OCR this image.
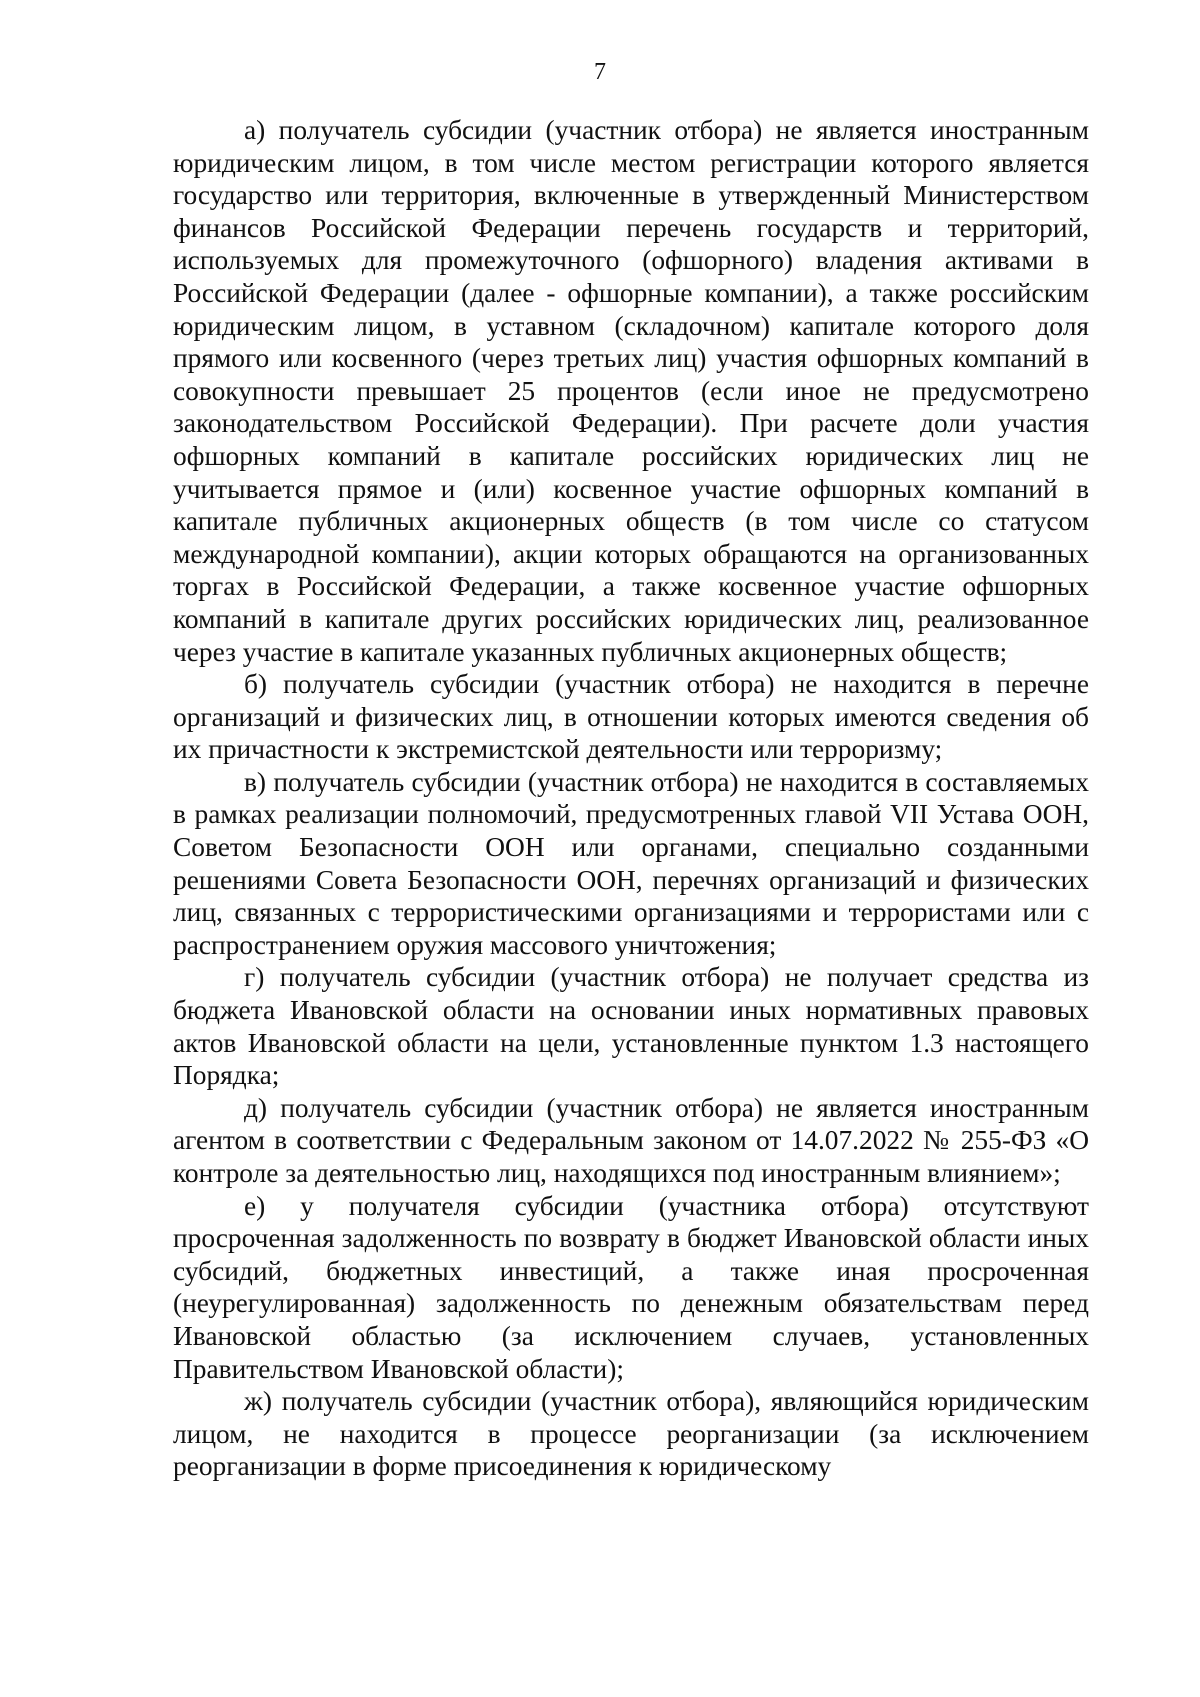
7

а) получатель субсидии (участник отбора) не является иностранным юридическим лицом, в том числе местом регистрации которого является государство или территория, включенные в утвержденный Министерством финансов Российской Федерации перечень государств и территорий, используемых для промежуточного (офшорного) владения активами в Российской Федерации (далее - офшорные компании), а также российским юридическим лицом, в уставном (складочном) капитале которого доля прямого или косвенного (через третьих лиц) участия офшорных компаний в совокупности превышает 25 процентов (если иное не предусмотрено законодательством Российской Федерации). При расчете доли участия офшорных компаний в капитале российских юридических лиц не учитывается прямое и (или) косвенное участие офшорных компаний в капитале публичных акционерных обществ (в том числе со статусом международной компании), акции которых обращаются на организованных торгах в Российской Федерации, а также косвенное участие офшорных компаний в капитале других российских юридических лиц, реализованное через участие в капитале указанных публичных акционерных обществ;

б) получатель субсидии (участник отбора) не находится в перечне организаций и физических лиц, в отношении которых имеются сведения об их причастности к экстремистской деятельности или терроризму;

в) получатель субсидии (участник отбора) не находится в составляемых в рамках реализации полномочий, предусмотренных главой VII Устава ООН, Советом Безопасности ООН или органами, специально созданными решениями Совета Безопасности ООН, перечнях организаций и физических лиц, связанных с террористическими организациями и террористами или с распространением оружия массового уничтожения;

г) получатель субсидии (участник отбора) не получает средства из бюджета Ивановской области на основании иных нормативных правовых актов Ивановской области на цели, установленные пунктом 1.3 настоящего Порядка;

д) получатель субсидии (участник отбора) не является иностранным агентом в соответствии с Федеральным законом от 14.07.2022 № 255-ФЗ «О контроле за деятельностью лиц, находящихся под иностранным влиянием»;

е) у получателя субсидии (участника отбора) отсутствуют просроченная задолженность по возврату в бюджет Ивановской области иных субсидий, бюджетных инвестиций, а также иная просроченная (неурегулированная) задолженность по денежным обязательствам перед Ивановской областью (за исключением случаев, установленных Правительством Ивановской области);

ж) получатель субсидии (участник отбора), являющийся юридическим лицом, не находится в процессе реорганизации (за исключением реорганизации в форме присоединения к юридическому
